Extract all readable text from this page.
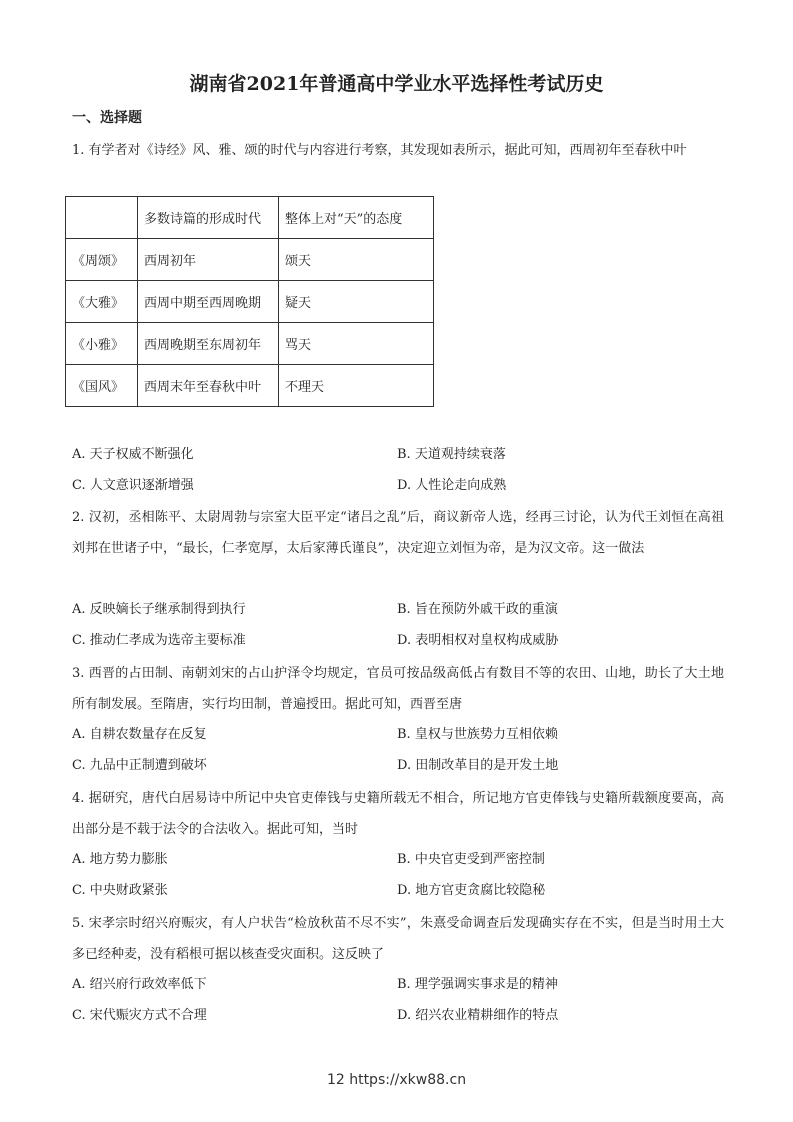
湖南省2021年普通高中学业水平选择性考试历史
一、选择题
1. 有学者对《诗经》风、雅、颂的时代与内容进行考察，其发现如表所示，据此可知，西周初年至春秋中叶
	多数诗篇的形成时代	整体上对“天”的态度
《周颂》	西周初年	颂天
《大雅》	西周中期至西周晚期	疑天
《小雅》	西周晚期至东周初年	骂天
《国风》	西周末年至春秋中叶	不理天
A. 天子权威不断强化	B. 天道观持续衰落
C. 人文意识逐渐增强	D. 人性论走向成熟
2. 汉初，丞相陈平、太尉周勃与宗室大臣平定“诸吕之乱”后，商议新帝人选，经再三讨论，认为代王刘恒在高祖刘邦在世诸子中，“最长，仁孝宽厚，太后家薄氏谨良”，决定迎立刘恒为帝，是为汉文帝。这一做法
A. 反映嫡长子继承制得到执行	B. 旨在预防外戚干政的重演
C. 推动仁孝成为选帝主要标准	D. 表明相权对皇权构成威胁
3. 西晋的占田制、南朝刘宋的占山护泽令均规定，官员可按品级高低占有数目不等的农田、山地，助长了大土地所有制发展。至隋唐，实行均田制，普遍授田。据此可知，西晋至唐
A. 自耕农数量存在反复	B. 皇权与世族势力互相依赖
C. 九品中正制遭到破坏	D. 田制改革目的是开发土地
4. 据研究，唐代白居易诗中所记中央官吏俸钱与史籍所载无不相合，所记地方官吏俸钱与史籍所载额度要高，高出部分是不载于法令的合法收入。据此可知，当时
A. 地方势力膨胀	B. 中央官吏受到严密控制
C. 中央财政紧张	D. 地方官吏贪腐比较隐秘
5. 宋孝宗时绍兴府赈灾，有人户状告“检放秋苗不尽不实”，朱熹受命调查后发现确实存在不实，但是当时用土大多已经种麦，没有稻根可据以核查受灾面积。这反映了
A. 绍兴府行政效率低下	B. 理学强调实事求是的精神
C. 宋代赈灾方式不合理	D. 绍兴农业精耕细作的特点
12 https://xkw88.cn
